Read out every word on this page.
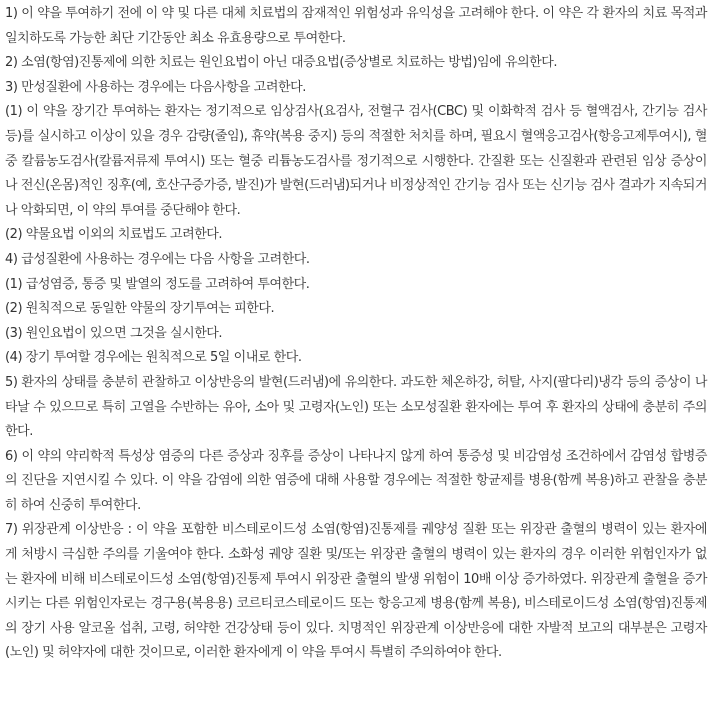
1) 이 약을 투여하기 전에 이 약 및 다른 대체 치료법의 잠재적인 위험성과 유익성을 고려해야 한다. 이 약은 각 환자의 치료 목적과 일치하도록 가능한 최단 기간동안 최소 유효용량으로 투여한다.

2) 소염(항염)진통제에 의한 치료는 원인요법이 아닌 대증요법(증상별로 치료하는 방법)임에 유의한다.

3) 만성질환에 사용하는 경우에는 다음사항을 고려한다.

(1) 이 약을 장기간 투여하는 환자는 정기적으로 임상검사(요검사, 전혈구 검사(CBC) 및 이화학적 검사 등 혈액검사, 간기능 검사 등)를 실시하고 이상이 있을 경우 감량(줄임), 휴약(복용 중지) 등의 적절한 처치를 하며, 필요시 혈액응고검사(항응고제투여시), 혈중 칼륨농도검사(칼륨저류제 투여시) 또는 혈중 리튬농도검사를 정기적으로 시행한다. 간질환 또는 신질환과 관련된 임상 증상이나 전신(온몸)적인 징후(예, 호산구증가증, 발진)가 발현(드러냄)되거나 비정상적인 간기능 검사 또는 신기능 검사 결과가 지속되거나 악화되면, 이 약의 투여를 중단해야 한다.

(2) 약물요법 이외의 치료법도 고려한다.

4) 급성질환에 사용하는 경우에는 다음 사항을 고려한다.

(1) 급성염증, 통증 및 발열의 정도를 고려하여 투여한다.

(2) 원칙적으로 동일한 약물의 장기투여는 피한다.

(3) 원인요법이 있으면 그것을 실시한다.

(4) 장기 투여할 경우에는 원칙적으로 5일 이내로 한다.

5) 환자의 상태를 충분히 관찰하고 이상반응의 발현(드러냄)에 유의한다. 과도한 체온하강, 허탈, 사지(팔다리)냉각 등의 증상이 나타날 수 있으므로 특히 고열을 수반하는 유아, 소아 및 고령자(노인) 또는 소모성질환 환자에는 투여 후 환자의 상태에 충분히 주의한다.

6) 이 약의 약리학적 특성상 염증의 다른 증상과 징후를 증상이 나타나지 않게 하여 통증성 및 비감염성 조건하에서 감염성 합병증의 진단을 지연시킬 수 있다. 이 약을 감염에 의한 염증에 대해 사용할 경우에는 적절한 항균제를 병용(함께 복용)하고 관찰을 충분히 하여 신중히 투여한다.

7) 위장관계 이상반응 : 이 약을 포함한 비스테로이드성 소염(항염)진통제를 궤양성 질환 또는 위장관 출혈의 병력이 있는 환자에게 처방시 극심한 주의를 기울여야 한다. 소화성 궤양 질환 및/또는 위장관 출혈의 병력이 있는 환자의 경우 이러한 위험인자가 없는 환자에 비해 비스테로이드성 소염(항염)진통제 투여시 위장관 출혈의 발생 위험이 10배 이상 증가하였다. 위장관계 출혈을 증가시키는 다른 위험인자로는 경구용(복용용) 코르티코스테로이드 또는 항응고제 병용(함께 복용), 비스테로이드성 소염(항염)진통제의 장기 사용 알코올 섭취, 고령, 허약한 건강상태 등이 있다. 치명적인 위장관계 이상반응에 대한 자발적 보고의 대부분은 고령자(노인) 및 허약자에 대한 것이므로, 이러한 환자에게 이 약을 투여시 특별히 주의하여야 한다.
